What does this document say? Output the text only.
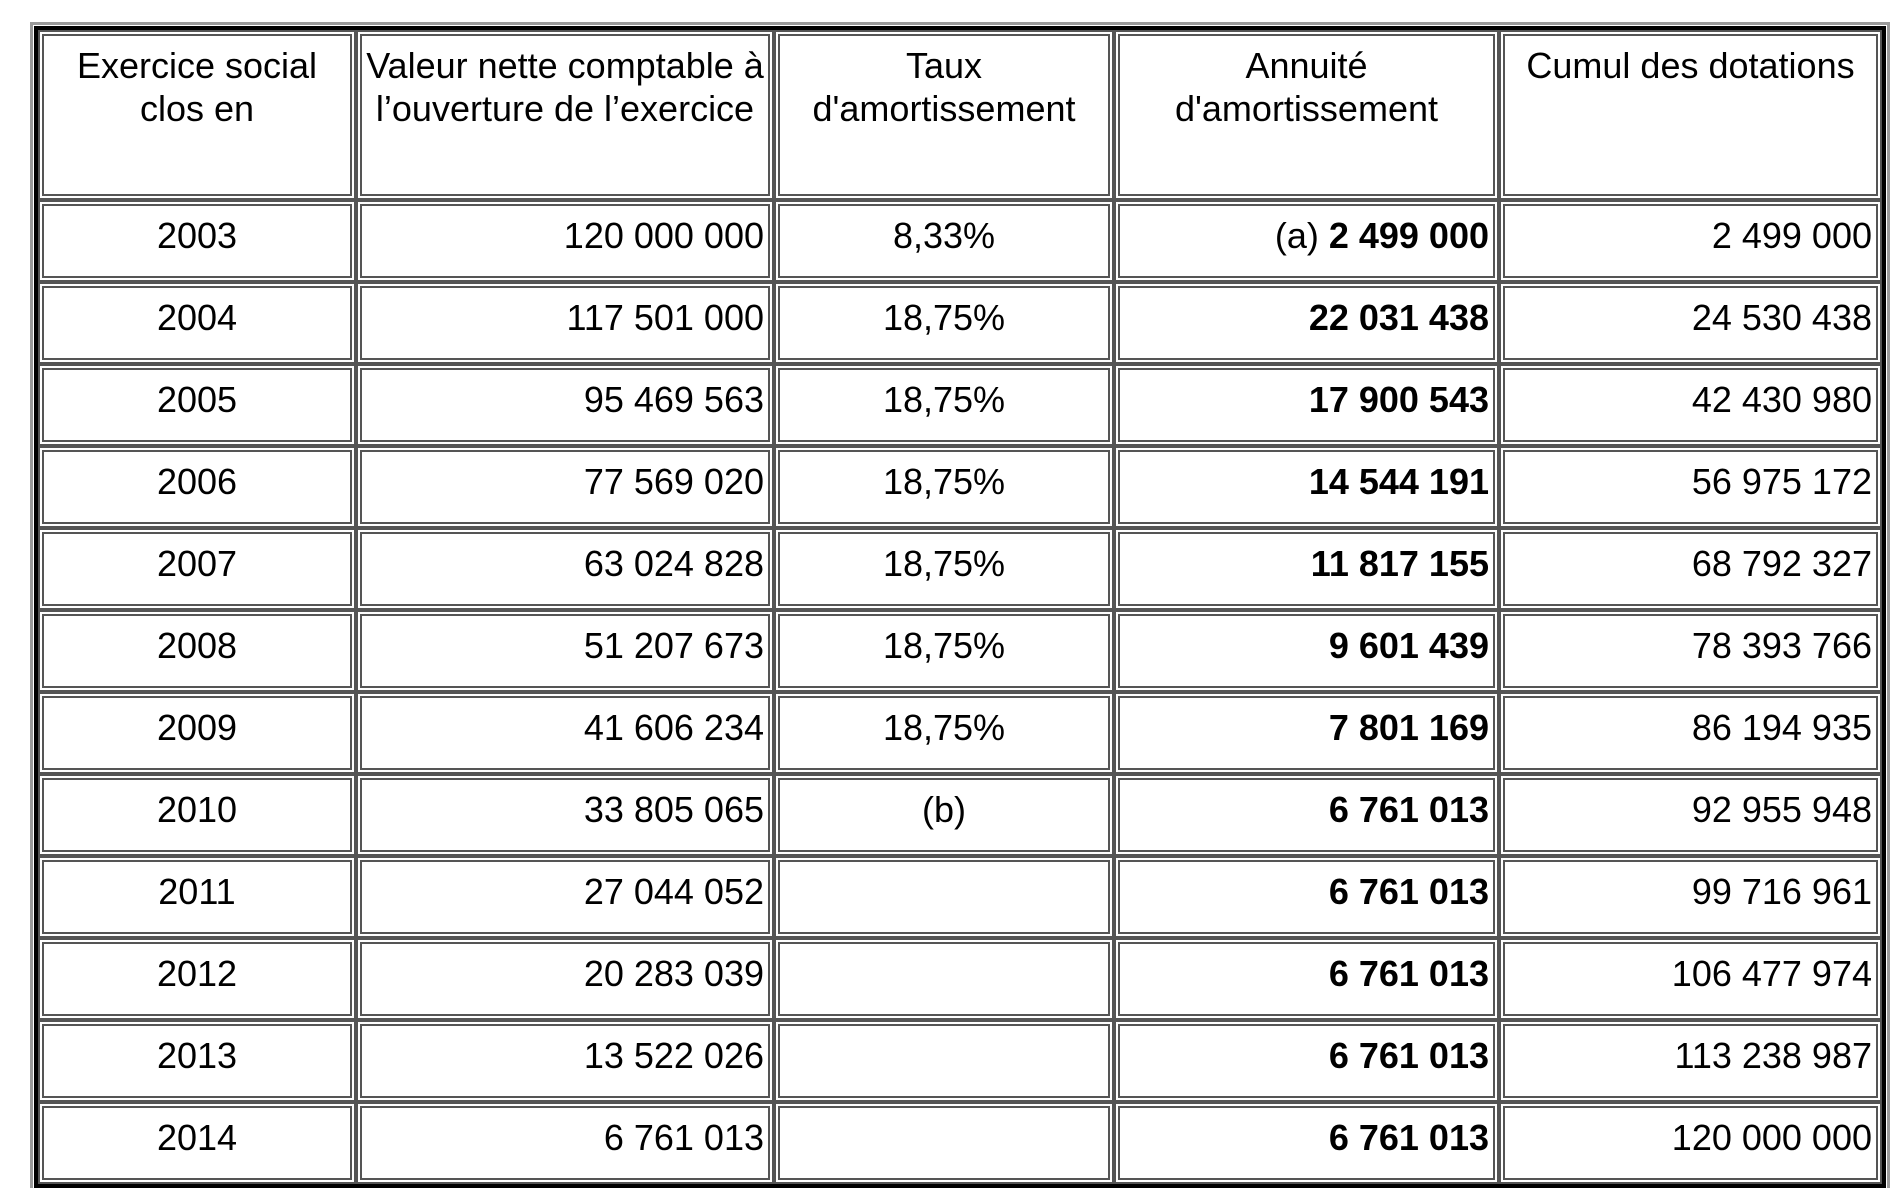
Exercice social clos en	Valeur nette comptable à l’ouverture de l’exercice	Taux d'amortissement	Annuité d'amortissement	Cumul des dotations
2003	120 000 000	8,33%	(a) 2 499 000	2 499 000
2004	117 501 000	18,75%	22 031 438	24 530 438
2005	95 469 563	18,75%	17 900 543	42 430 980
2006	77 569 020	18,75%	14 544 191	56 975 172
2007	63 024 828	18,75%	11 817 155	68 792 327
2008	51 207 673	18,75%	9 601 439	78 393 766
2009	41 606 234	18,75%	7 801 169	86 194 935
2010	33 805 065	(b)	6 761 013	92 955 948
2011	27 044 052		6 761 013	99 716 961
2012	20 283 039		6 761 013	106 477 974
2013	13 522 026		6 761 013	113 238 987
2014	6 761 013		6 761 013	120 000 000
